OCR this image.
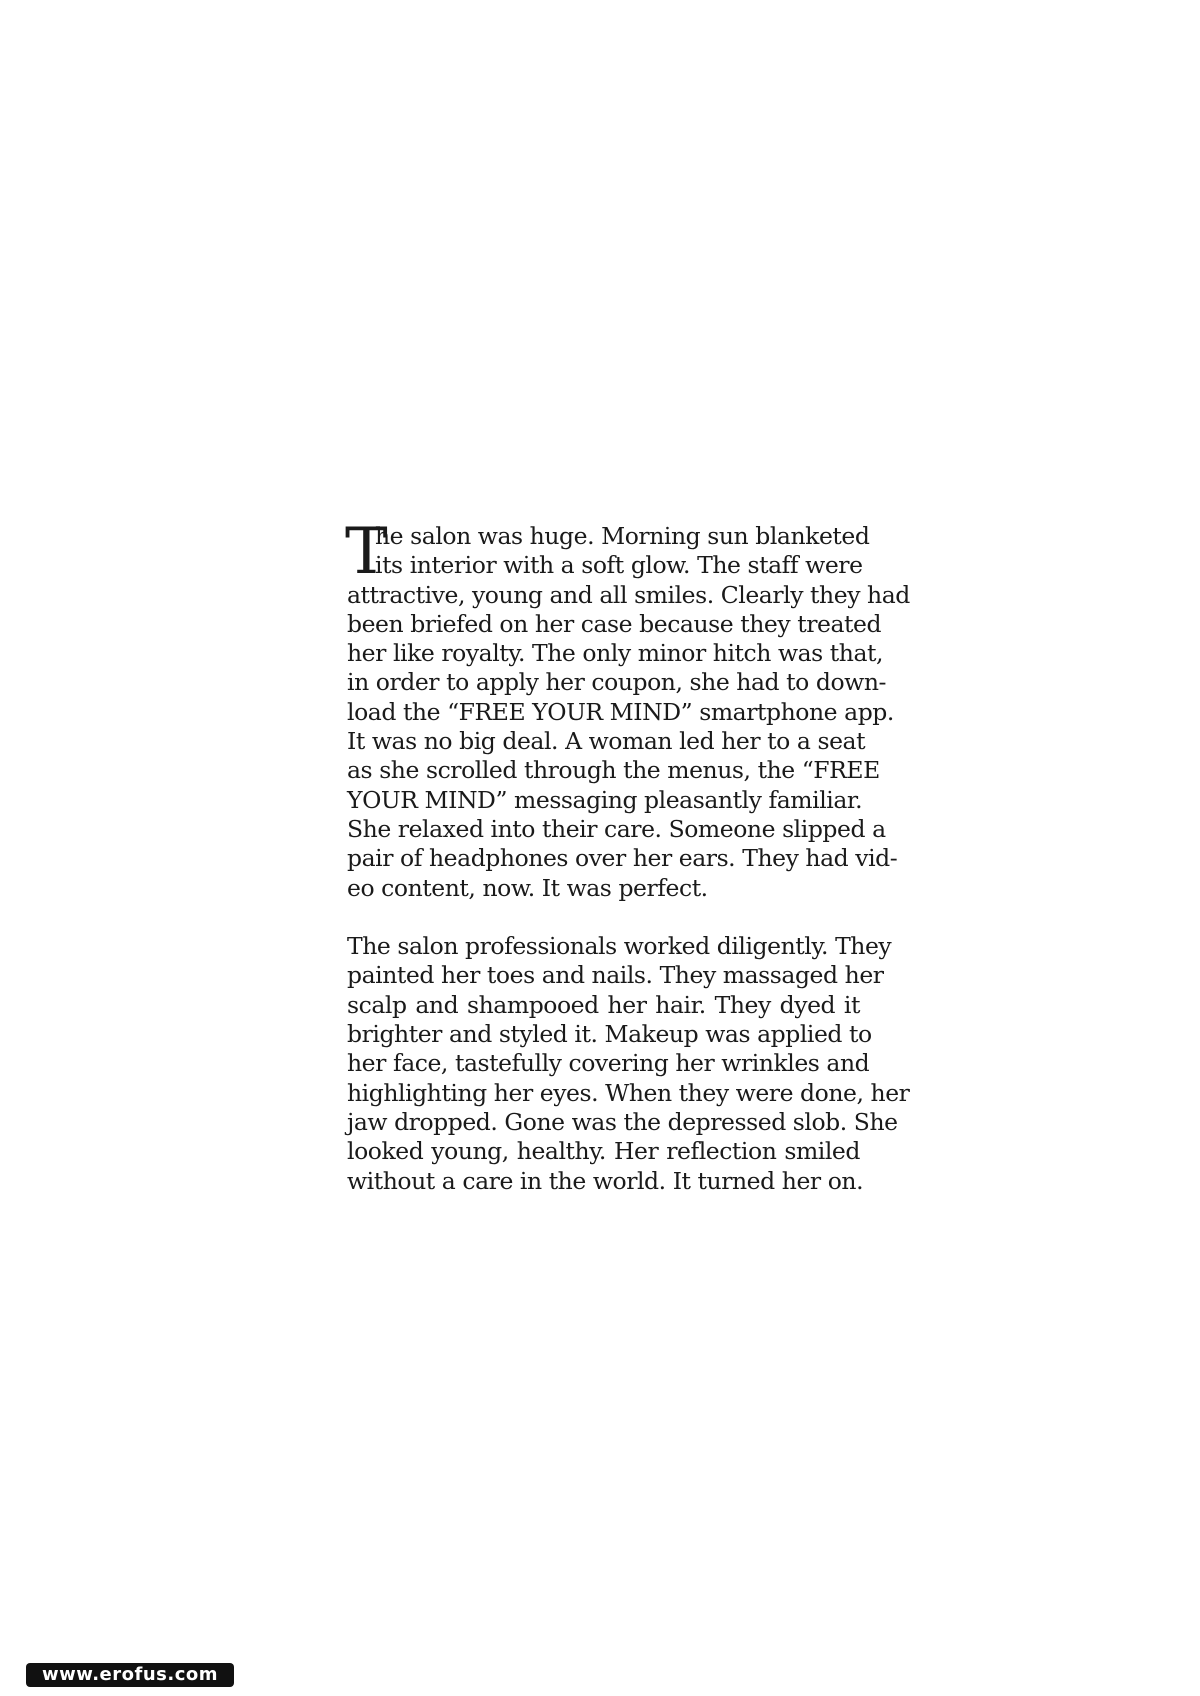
T
he salon was huge. Morning sun blanketed
its interior with a soft glow. The staff were
attractive, young and all smiles. Clearly they had
been briefed on her case because they treated
her like royalty. The only minor hitch was that,
in order to apply her coupon, she had to down-
load the “FREE YOUR MIND” smartphone app.
It was no big deal. A woman led her to a seat
as she scrolled through the menus, the “FREE
YOUR MIND” messaging pleasantly familiar.
She relaxed into their care. Someone slipped a
pair of headphones over her ears. They had vid-
eo content, now. It was perfect.
The salon professionals worked diligently. They
painted her toes and nails. They massaged her
scalp and shampooed her hair. They dyed it
brighter and styled it. Makeup was applied to
her face, tastefully covering her wrinkles and
highlighting her eyes. When they were done, her
jaw dropped. Gone was the depressed slob. She
looked young, healthy. Her reflection smiled
without a care in the world. It turned her on.
www.erofus.com
